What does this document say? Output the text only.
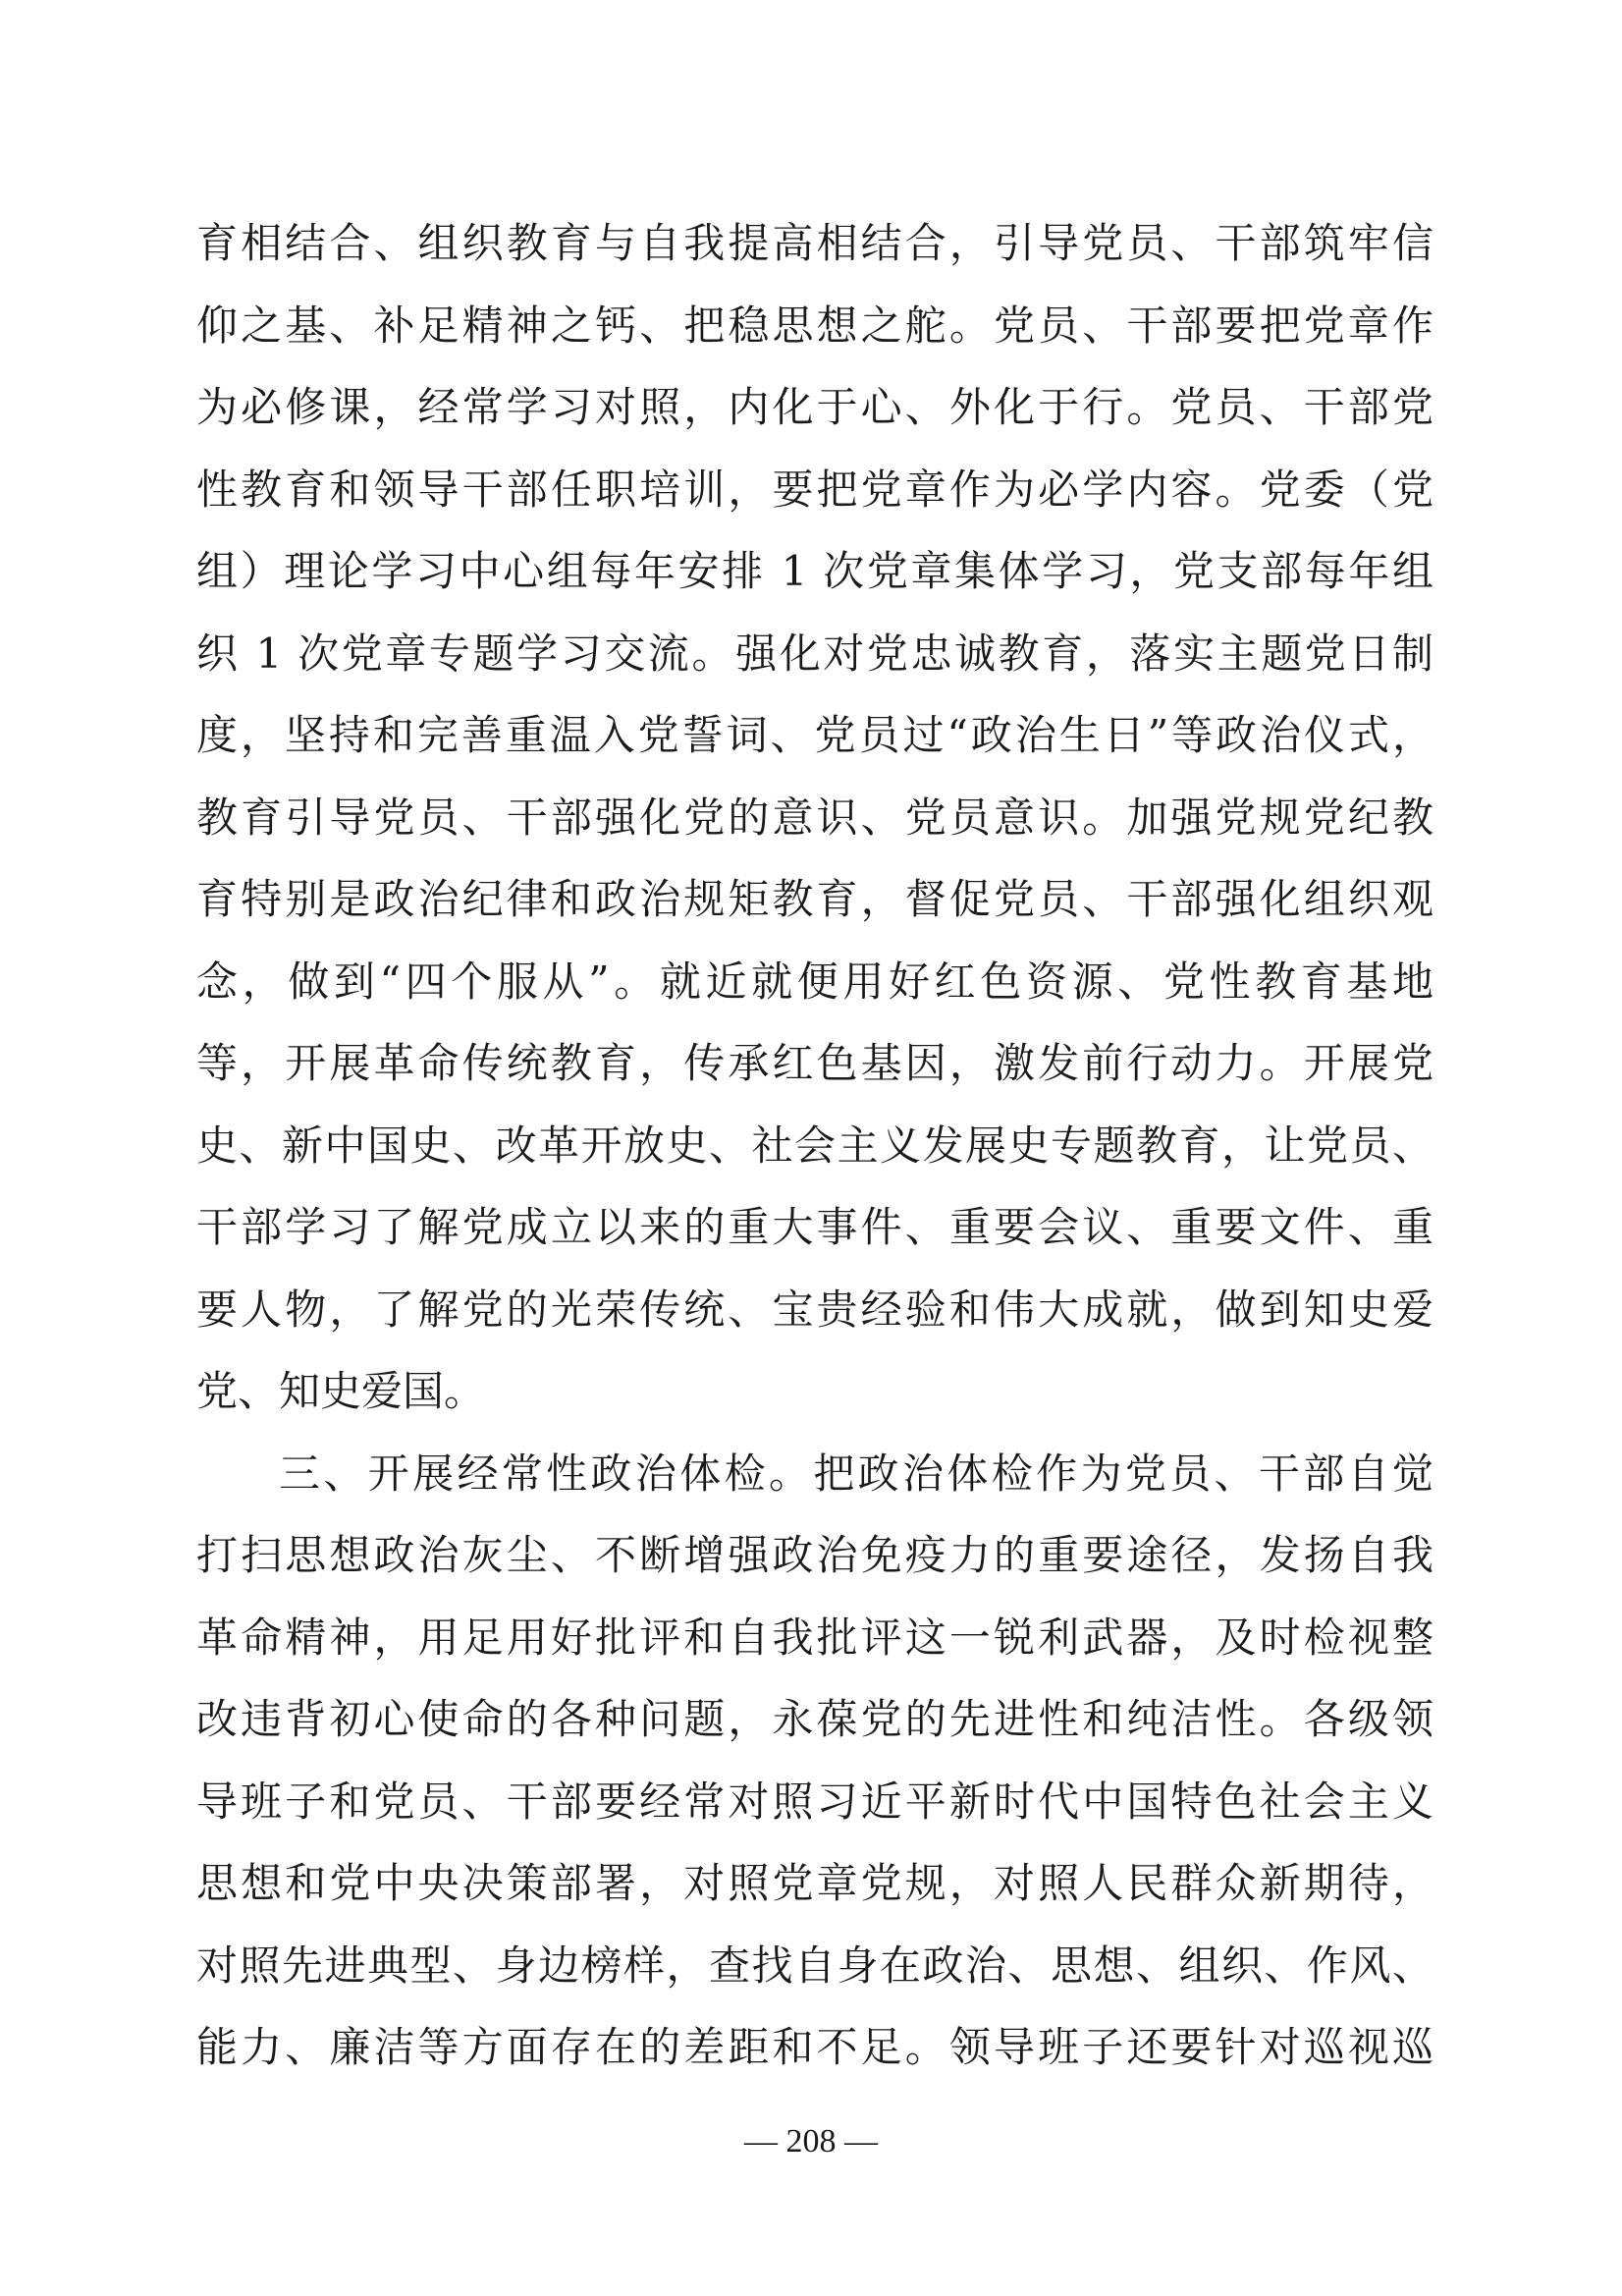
育相结合、组织教育与自我提高相结合，引导党员、干部筑牢信
仰之基、补足精神之钙、把稳思想之舵。党员、干部要把党章作
为必修课，经常学习对照，内化于心、外化于行。党员、干部党
性教育和领导干部任职培训，要把党章作为必学内容。党委（党
组）理论学习中心组每年安排 1 次党章集体学习，党支部每年组
织 1 次党章专题学习交流。强化对党忠诚教育，落实主题党日制
度，坚持和完善重温入党誓词、党员过“政治生日”等政治仪式，
教育引导党员、干部强化党的意识、党员意识。加强党规党纪教
育特别是政治纪律和政治规矩教育，督促党员、干部强化组织观
念，做到“四个服从”。就近就便用好红色资源、党性教育基地
等，开展革命传统教育，传承红色基因，激发前行动力。开展党
史、新中国史、改革开放史、社会主义发展史专题教育，让党员、
干部学习了解党成立以来的重大事件、重要会议、重要文件、重
要人物，了解党的光荣传统、宝贵经验和伟大成就，做到知史爱
党、知史爱国。
三、开展经常性政治体检。把政治体检作为党员、干部自觉
打扫思想政治灰尘、不断增强政治免疫力的重要途径，发扬自我
革命精神，用足用好批评和自我批评这一锐利武器，及时检视整
改违背初心使命的各种问题，永葆党的先进性和纯洁性。各级领
导班子和党员、干部要经常对照习近平新时代中国特色社会主义
思想和党中央决策部署，对照党章党规，对照人民群众新期待，
对照先进典型、身边榜样，查找自身在政治、思想、组织、作风、
能力、廉洁等方面存在的差距和不足。领导班子还要针对巡视巡
— 208 —
